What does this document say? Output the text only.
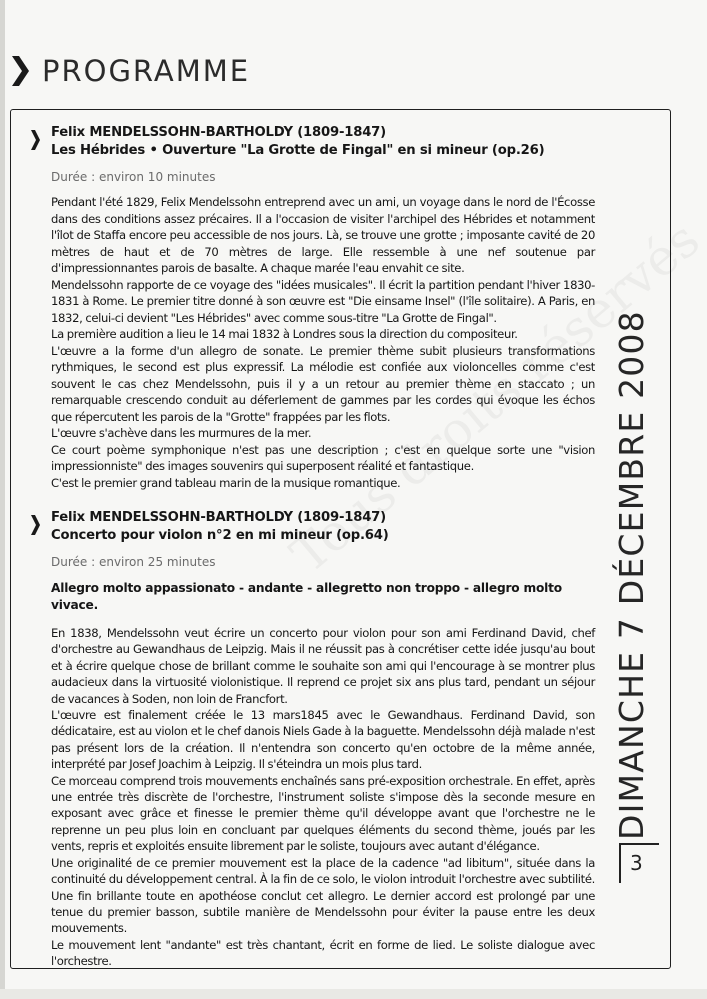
PROGRAMME
Felix MENDELSSOHN-BARTHOLDY (1809-1847)
Les Hébrides • Ouverture "La Grotte de Fingal" en si mineur (op.26)
Durée : environ 10 minutes

Pendant l'été 1829, Felix Mendelssohn entreprend avec un ami, un voyage dans le nord de l'Écosse dans des conditions assez précaires. Il a l'occasion de visiter l'archipel des Hébrides et notamment l'îlot de Staffa encore peu accessible de nos jours. Là, se trouve une grotte ; imposante cavité de 20 mètres de haut et de 70 mètres de large. Elle ressemble à une nef soutenue par d'impressionnantes parois de basalte. A chaque marée l'eau envahit ce site.

Mendelssohn rapporte de ce voyage des "idées musicales". Il écrit la partition pendant l'hiver 1830-1831 à Rome. Le premier titre donné à son œuvre est "Die einsame Insel" (l'île solitaire). A Paris, en 1832, celui-ci devient "Les Hébrides" avec comme sous-titre "La Grotte de Fingal".

La première audition a lieu le 14 mai 1832 à Londres sous la direction du compositeur.

L'œuvre a la forme d'un allegro de sonate. Le premier thème subit plusieurs transformations rythmiques, le second est plus expressif. La mélodie est confiée aux violoncelles comme c'est souvent le cas chez Mendelssohn, puis il y a un retour au premier thème en staccato ; un remarquable crescendo conduit au déferlement de gammes par les cordes qui évoque les échos que répercutent les parois de la "Grotte" frappées par les flots.

L'œuvre s'achève dans les murmures de la mer.

Ce court poème symphonique n'est pas une description ; c'est en quelque sorte une "vision impressionniste" des images souvenirs qui superposent réalité et fantastique.

C'est le premier grand tableau marin de la musique romantique.

Felix MENDELSSOHN-BARTHOLDY (1809-1847)
Concerto pour violon n°2 en mi mineur (op.64)
Durée : environ 25 minutes
Allegro molto appassionato - andante - allegretto non troppo - allegro molto vivace.

En 1838, Mendelssohn veut écrire un concerto pour violon pour son ami Ferdinand David, chef d'orchestre au Gewandhaus de Leipzig. Mais il ne réussit pas à concrétiser cette idée jusqu'au bout et à écrire quelque chose de brillant comme le souhaite son ami qui l'encourage à se montrer plus audacieux dans la virtuosité violonistique. Il reprend ce projet six ans plus tard, pendant un séjour de vacances à Soden, non loin de Francfort.

L'œuvre est finalement créée le 13 mars1845 avec le Gewandhaus. Ferdinand David, son dédicataire, est au violon et le chef danois Niels Gade à la baguette. Mendelssohn déjà malade n'est pas présent lors de la création. Il n'entendra son concerto qu'en octobre de la même année, interprété par Josef Joachim à Leipzig. Il s'éteindra un mois plus tard.

Ce morceau comprend trois mouvements enchaînés sans pré-exposition orchestrale. En effet, après une entrée très discrète de l'orchestre, l'instrument soliste s'impose dès la seconde mesure en exposant avec grâce et finesse le premier thème qu'il développe avant que l'orchestre ne le reprenne un peu plus loin en concluant par quelques éléments du second thème, joués par les vents, repris et exploités ensuite librement par le soliste, toujours avec autant d'élégance.

Une originalité de ce premier mouvement est la place de la cadence "ad libitum", située dans la continuité du développement central. À la fin de ce solo, le violon introduit l'orchestre avec subtilité. Une fin brillante toute en apothéose conclut cet allegro. Le dernier accord est prolongé par une tenue du premier basson, subtile manière de Mendelssohn pour éviter la pause entre les deux mouvements.

Le mouvement lent "andante" est très chantant, écrit en forme de lied. Le soliste dialogue avec l'orchestre.

DIMANCHE 7 DÉCEMBRE 2008
3
